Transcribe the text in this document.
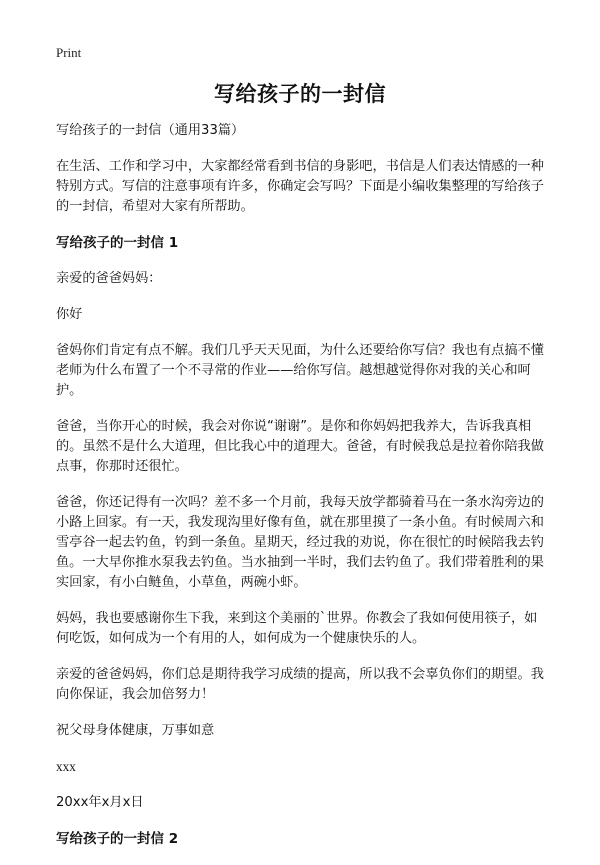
Print
写给孩子的一封信

写给孩子的一封信（通用33篇）

在生活、工作和学习中，大家都经常看到书信的身影吧，书信是人们表达情感的一种特别方式。写信的注意事项有许多，你确定会写吗？下面是小编收集整理的写给孩子的一封信，希望对大家有所帮助。

写给孩子的一封信 1

亲爱的爸爸妈妈：

你好

爸妈你们肯定有点不解。我们几乎天天见面，为什么还要给你写信？我也有点搞不懂老师为什么布置了一个不寻常的作业——给你写信。越想越觉得你对我的关心和呵护。

爸爸，当你开心的时候，我会对你说“谢谢”。是你和你妈妈把我养大，告诉我真相的。虽然不是什么大道理，但比我心中的道理大。爸爸，有时候我总是拉着你陪我做点事，你那时还很忙。

爸爸，你还记得有一次吗？差不多一个月前，我每天放学都骑着马在一条水沟旁边的小路上回家。有一天，我发现沟里好像有鱼，就在那里摸了一条小鱼。有时候周六和雪亭谷一起去钓鱼，钓到一条鱼。星期天，经过我的劝说，你在很忙的时候陪我去钓鱼。一大早你推水泵我去钓鱼。当水抽到一半时，我们去钓鱼了。我们带着胜利的果实回家，有小白鲢鱼，小草鱼，两碗小虾。

妈妈，我也要感谢你生下我，来到这个美丽的`世界。你教会了我如何使用筷子，如何吃饭，如何成为一个有用的人，如何成为一个健康快乐的人。

亲爱的爸爸妈妈，你们总是期待我学习成绩的提高，所以我不会辜负你们的期望。我向你保证，我会加倍努力！

祝父母身体健康，万事如意

xxx

20xx年x月x日

写给孩子的一封信 2
